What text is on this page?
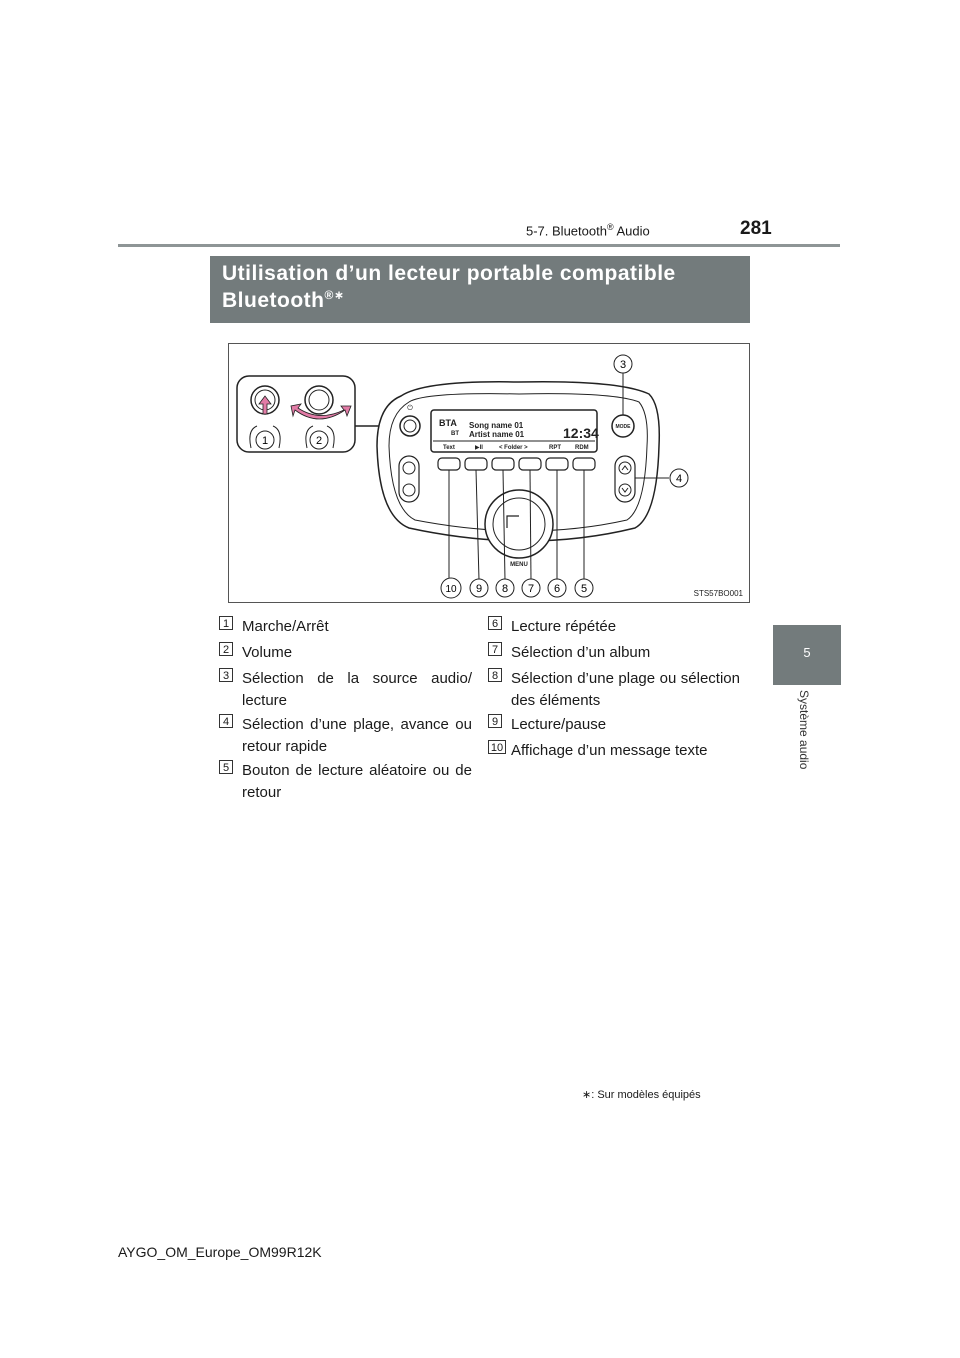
5-7. Bluetooth® Audio	281
5
Système audio
Utilisation d’un lecteur portable compatible
Bluetooth®∗
⏻
BTA
BT
Song name 01
Artist name 01	12:34
Text	▶II	< Folder >	RPT RDM
MODE
MENU
1	2
3
4
5
6
7
8
9
10	STS57BO001
1 Marche/Arrêt
2 Volume
3 Sélection de la source audio/ lecture
4 Sélection d’une plage, avance ou retour rapide
5 Bouton de lecture aléatoire ou de retour
6 Lecture répétée
7 Sélection d’un album
8 Sélection d’une plage ou sélection des éléments
9 Lecture/pause
10 Affichage d’un message texte
∗: Sur modèles équipés
AYGO_OM_Europe_OM99R12K
